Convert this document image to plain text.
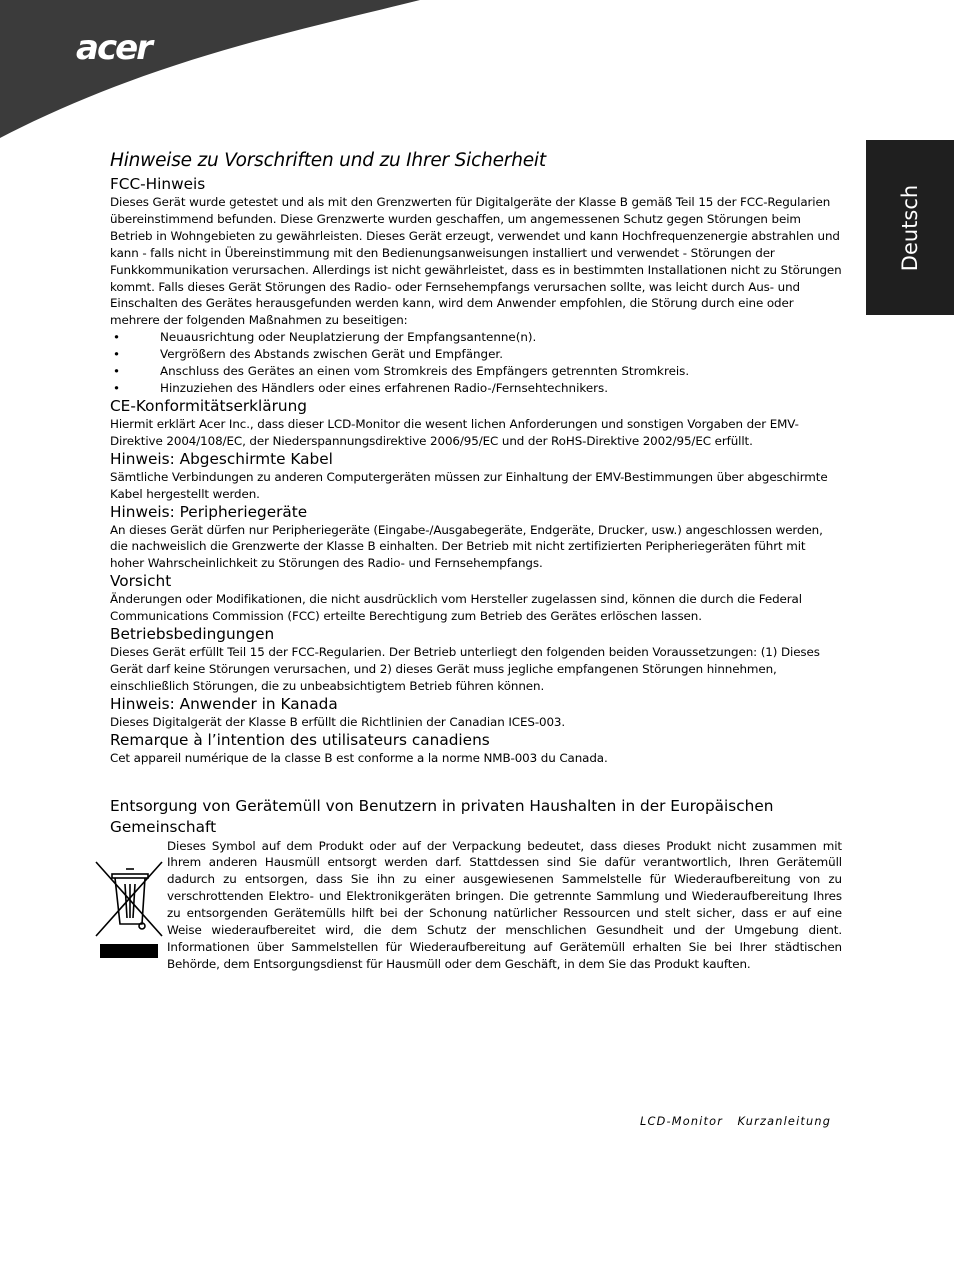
acer
Deutsch
Hinweise zu Vorschriften und zu Ihrer Sicherheit
FCC-Hinweis

Dieses Gerät wurde getestet und als mit den Grenzwerten für Digitalgeräte der Klasse B gemäß Teil 15 der FCC-Regularien übereinstimmend befunden. Diese Grenzwerte wurden geschaffen, um angemessenen Schutz gegen Störungen beim Betrieb in Wohngebieten zu gewährleisten. Dieses Gerät erzeugt, verwendet und kann Hochfrequenzenergie abstrahlen und kann - falls nicht in Übereinstimmung mit den Bedienungsanweisungen installiert und verwendet - Störungen der Funkkommunikation verursachen. Allerdings ist nicht gewährleistet, dass es in bestimmten Installationen nicht zu Störungen kommt. Falls dieses Gerät Störungen des Radio- oder Fernsehempfangs verursachen sollte, was leicht durch Aus- und Einschalten des Gerätes herausgefunden werden kann, wird dem Anwender empfohlen, die Störung durch eine oder mehrere der folgenden Maßnahmen zu beseitigen:

• Neuausrichtung oder Neuplatzierung der Empfangsantenne(n).
• Vergrößern des Abstands zwischen Gerät und Empfänger.
• Anschluss des Gerätes an einen vom Stromkreis des Empfängers getrennten Stromkreis.
• Hinzuziehen des Händlers oder eines erfahrenen Radio-/Fernsehtechnikers.
CE-Konformitätserklärung

Hiermit erklärt Acer Inc., dass dieser LCD-Monitor die wesent lichen Anforderungen und sonstigen Vorgaben der EMV-Direktive 2004/108/EC, der Niederspannungsdirektive 2006/95/EC und der RoHS-Direktive 2002/95/EC erfüllt.

Hinweis: Abgeschirmte Kabel

Sämtliche Verbindungen zu anderen Computergeräten müssen zur Einhaltung der EMV-Bestimmungen über abgeschirmte Kabel hergestellt werden.

Hinweis: Peripheriegeräte

An dieses Gerät dürfen nur Peripheriegeräte (Eingabe-/Ausgabegeräte, Endgeräte, Drucker, usw.) angeschlossen werden, die nachweislich die Grenzwerte der Klasse B einhalten. Der Betrieb mit nicht zertifizierten Peripheriegeräten führt mit hoher Wahrscheinlichkeit zu Störungen des Radio- und Fernsehempfangs.

Vorsicht

Änderungen oder Modifikationen, die nicht ausdrücklich vom Hersteller zugelassen sind, können die durch die Federal Communications Commission (FCC) erteilte Berechtigung zum Betrieb des Gerätes erlöschen lassen.

Betriebsbedingungen

Dieses Gerät erfüllt Teil 15 der FCC-Regularien. Der Betrieb unterliegt den folgenden beiden Voraussetzungen: (1) Dieses Gerät darf keine Störungen verursachen, und 2) dieses Gerät muss jegliche empfangenen Störungen hinnehmen, einschließlich Störungen, die zu unbeabsichtigtem Betrieb führen können.

Hinweis: Anwender in Kanada

Dieses Digitalgerät der Klasse B erfüllt die Richtlinien der Canadian ICES-003.

Remarque à l’intention des utilisateurs canadiens

Cet appareil numérique de la classe B est conforme a la norme NMB-003 du Canada.

Entsorgung von Gerätemüll von Benutzern in privaten Haushalten in der Europäischen Gemeinschaft

Dieses Symbol auf dem Produkt oder auf der Verpackung bedeutet, dass dieses Produkt nicht zusammen mit Ihrem anderen Hausmüll entsorgt werden darf. Stattdessen sind Sie dafür verantwortlich, Ihren Gerätemüll dadurch zu entsorgen, dass Sie ihn zu einer ausgewiesenen Sammelstelle für Wiederaufbereitung von zu verschrottenden Elektro- und Elektronikgeräten bringen. Die getrennte Sammlung und Wiederaufbereitung Ihres zu entsorgenden Gerätemülls hilft bei der Schonung natürlicher Ressourcen und stelt sicher, dass er auf eine Weise wiederaufbereitet wird, die dem Schutz der menschlichen Gesundheit und der Umgebung dient. Informationen über Sammelstellen für Wiederaufbereitung auf Gerätemüll erhalten Sie bei Ihrer städtischen Behörde, dem Entsorgungsdienst für Hausmüll oder dem Geschäft, in dem Sie das Produkt kauften.

LCD-Monitor   Kurzanleitung
